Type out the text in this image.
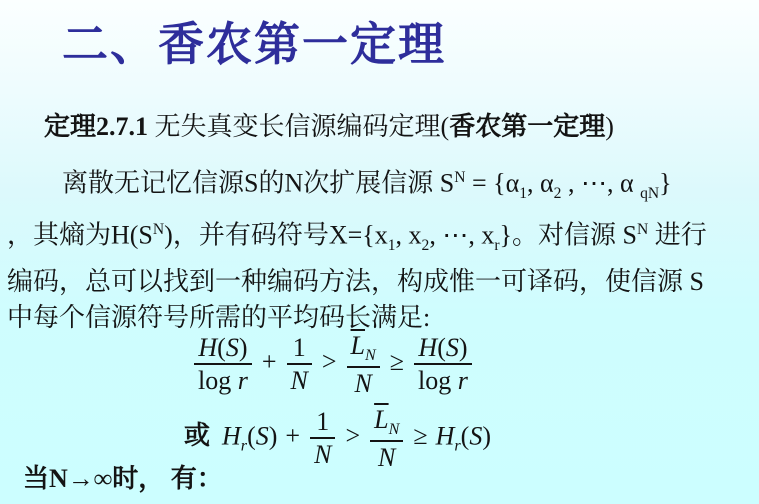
二、香农第一定理
定理2.7.1 无失真变长信源编码定理(香农第一定理)
离散无记忆信源S的N次扩展信源 $S^N = \{\alpha_1$, $\alpha_2$ , ⋯, α $_{qN}$}
，其熵为$H(S^N)$，并有码符号$X=\{x_1$, $x_2$, ⋯, $x_r$}。对信源 $S^N$ 进行
编码，总可以找到一种编码方法，构成惟一可译码，使信源 S
中每个信源符号所需的平均码长满足:
$\frac{H(S)}{\text{log r}} + \frac{1}{N} > \frac{\overline{L}_N}{N} \ge \frac{H(S)}{\text{log r}}$
或 $H_r(S) + \frac{1}{N} > \frac{\overline{L}_N}{N} \ge H_r(S)$
当N→∞时， 有：
